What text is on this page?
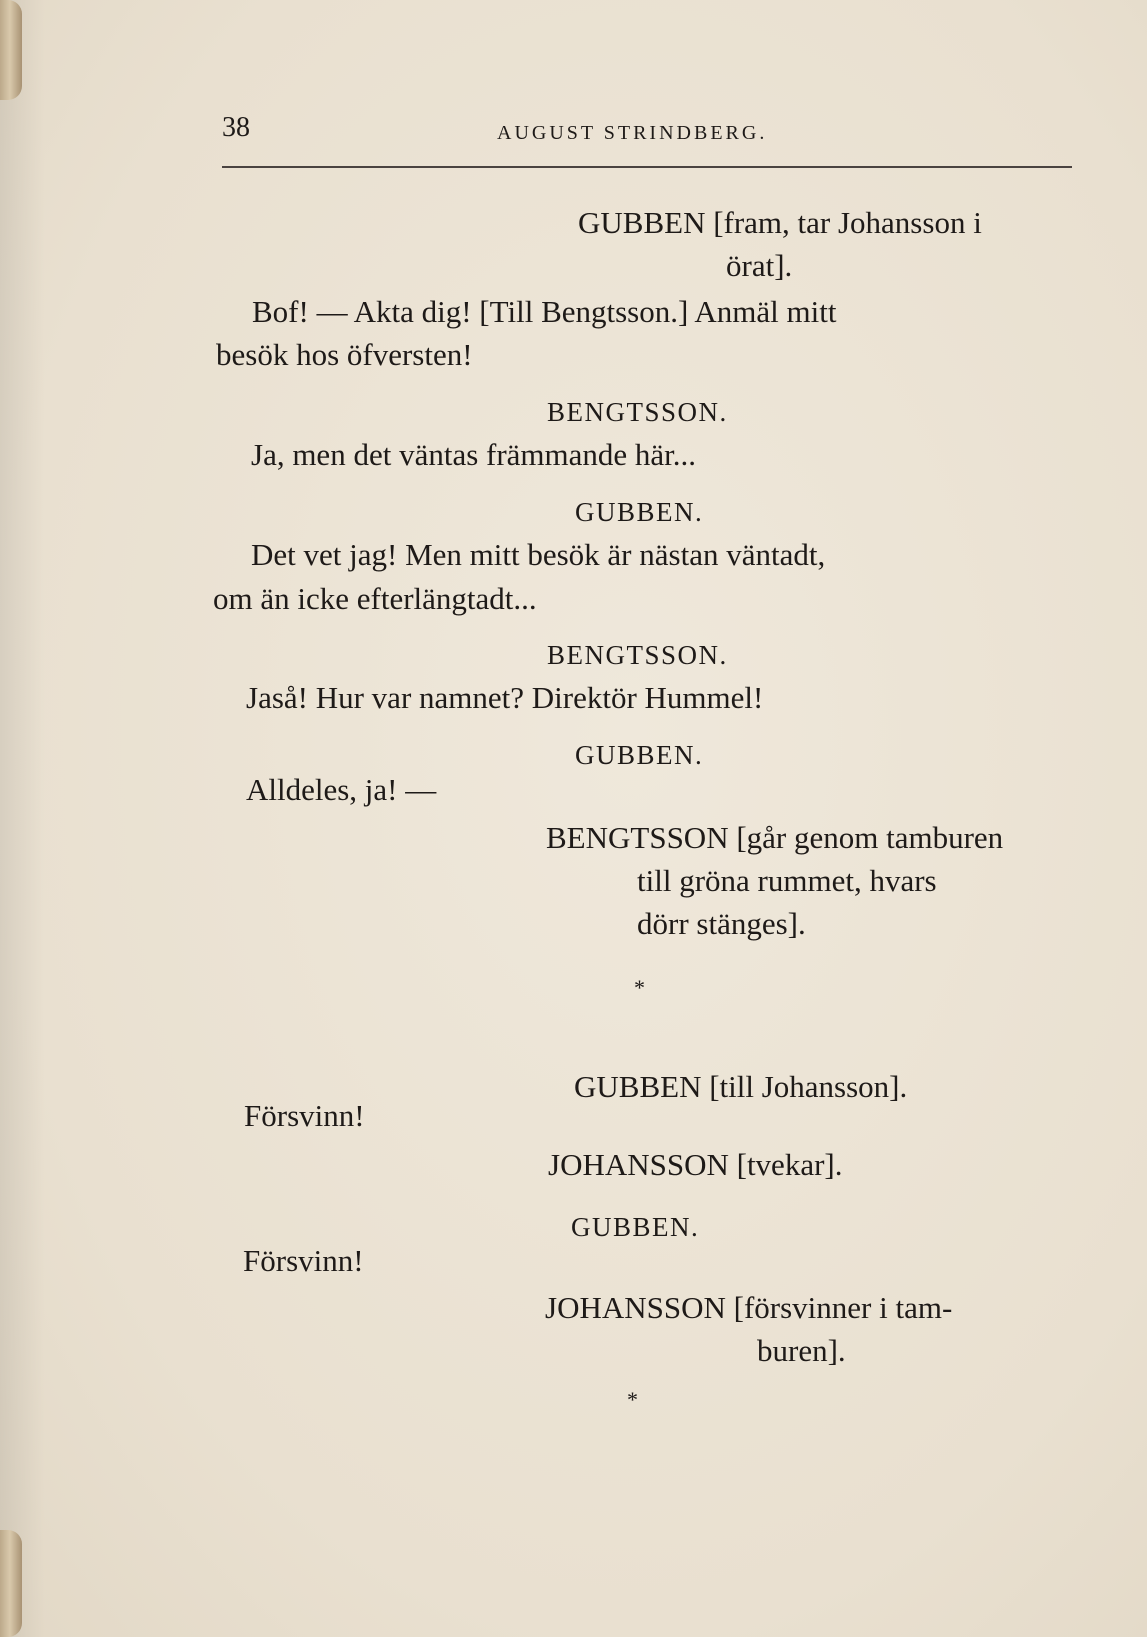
38	AUGUST STRINDBERG.
GUBBEN [fram, tar Johansson i
örat].
Bof! — Akta dig! [Till Bengtsson.] Anmäl mitt
besök hos öfversten!
BENGTSSON.
Ja, men det väntas främmande här...
GUBBEN.
Det vet jag! Men mitt besök är nästan väntadt,
om än icke efterlängtadt...
BENGTSSON.
Jaså! Hur var namnet? Direktör Hummel!
GUBBEN.
Alldeles, ja! —
BENGTSSON [går genom tamburen
till gröna rummet, hvars
dörr stänges].
*
GUBBEN [till Johansson].
Försvinn!
JOHANSSON [tvekar].
GUBBEN.
Försvinn!
JOHANSSON [försvinner i tam-
buren].
*
